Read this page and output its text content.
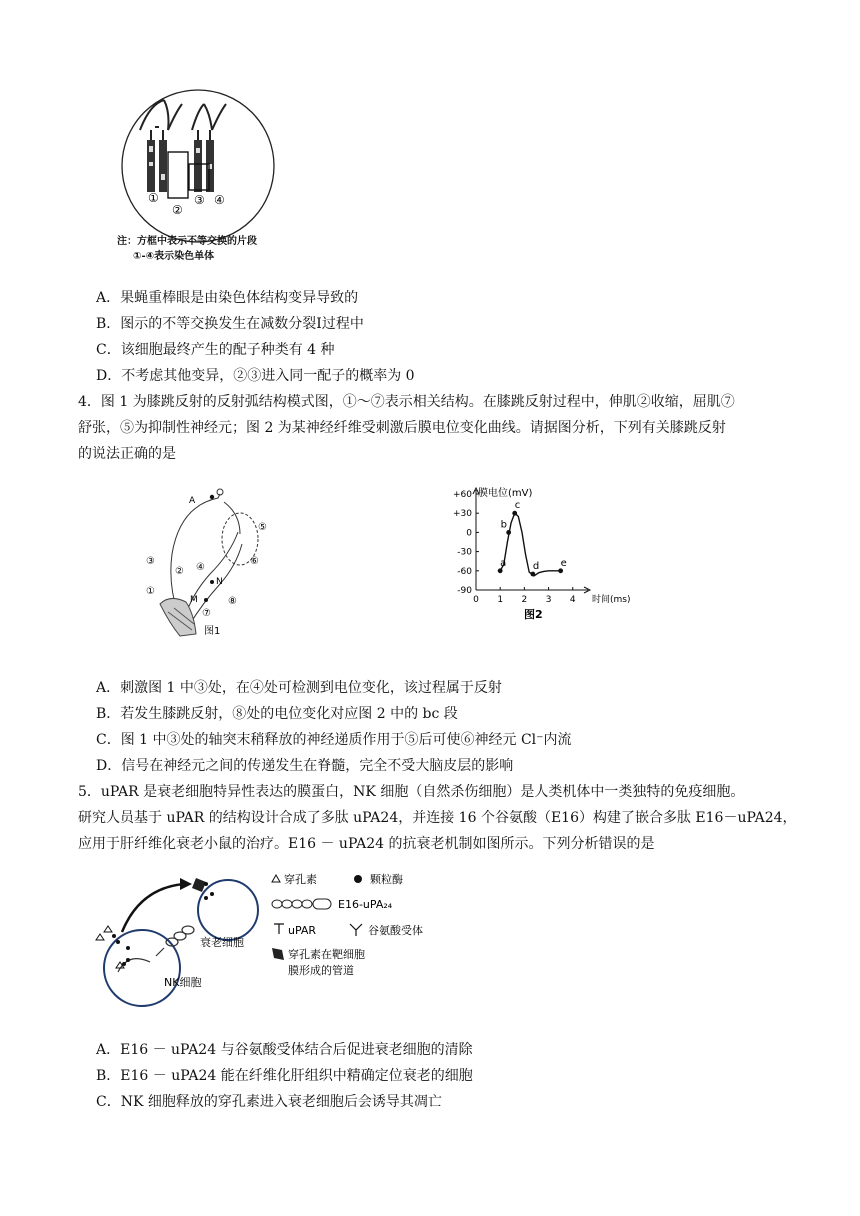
①
②
③ ④
注：方框中表示不等交换的片段
①-④表示染色单体
A．果蝇重棒眼是由染色体结构变异导致的
B．图示的不等交换发生在减数分裂Ⅰ过程中
C．该细胞最终产生的配子种类有 4 种
D．不考虑其他变异，②③进入同一配子的概率为 0
4．图 1 为膝跳反射的反射弧结构模式图，①～⑦表示相关结构。在膝跳反射过程中，伸肌②收缩，屈肌⑦
舒张，⑤为抑制性神经元；图 2 为某神经纤维受刺激后膜电位变化曲线。请据图分析，下列有关膝跳反射
的说法正确的是
A
③
② ④
①
⑤
⑥
N
M	⑧
⑦
图1
膜电位(mV)
时间(ms)
+60
+30
0
-30
-60
-90
0 1 2 3 4
a
b
c
d e
图2
A．刺激图 1 中③处，在④处可检测到电位变化，该过程属于反射
B．若发生膝跳反射，⑧处的电位变化对应图 2 中的 bc 段
C．图 1 中③处的轴突末稍释放的神经递质作用于⑤后可使⑥神经元 Cl⁻内流
D．信号在神经元之间的传递发生在脊髓，完全不受大脑皮层的影响
5．uPAR 是衰老细胞特异性表达的膜蛋白，NK 细胞（自然杀伤细胞）是人类机体中一类独特的免疫细胞。
研究人员基于 uPAR 的结构设计合成了多肽 uPA24，并连接 16 个谷氨酸（E16）构建了嵌合多肽 E16－uPA24，
应用于肝纤维化衰老小鼠的治疗。E16 － uPA24 的抗衰老机制如图所示。下列分析错误的是
衰老细胞
NK细胞
穿孔素	颗粒酶
E16-uPA₂₄
uPAR	谷氨酸受体
穿孔素在靶细胞
膜形成的管道
A．E16 － uPA24 与谷氨酸受体结合后促进衰老细胞的清除
B．E16 － uPA24 能在纤维化肝组织中精确定位衰老的细胞
C．NK 细胞释放的穿孔素进入衰老细胞后会诱导其凋亡
